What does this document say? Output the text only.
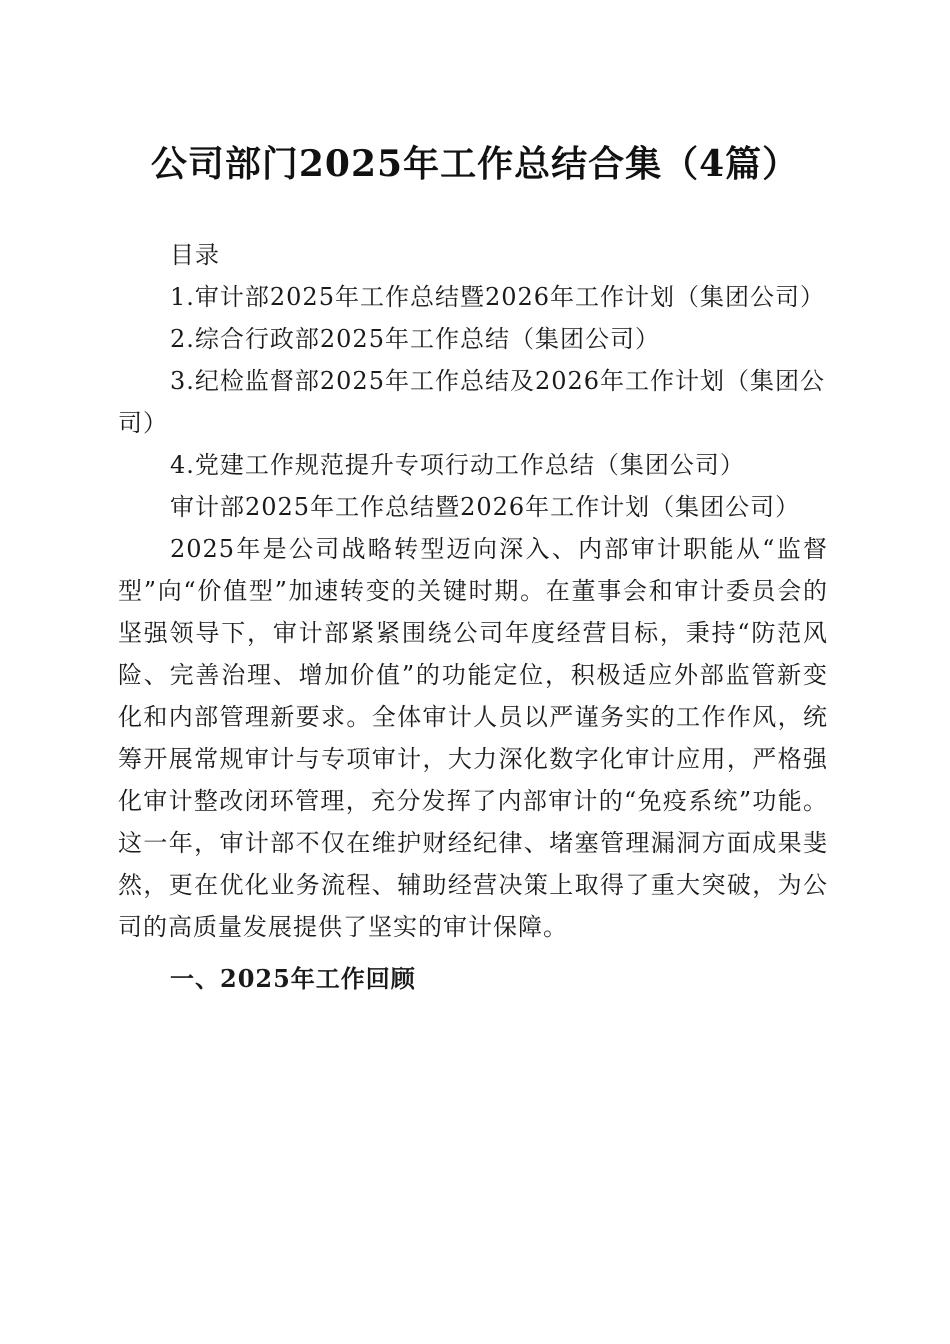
公司部门2025年工作总结合集（4篇）

目录

1.审计部2025年工作总结暨2026年工作计划（集团公司）

2.综合行政部2025年工作总结（集团公司）

3.纪检监督部2025年工作总结及2026年工作计划（集团公司）

4.党建工作规范提升专项行动工作总结（集团公司）

审计部2025年工作总结暨2026年工作计划（集团公司）

2025年是公司战略转型迈向深入、内部审计职能从“监督型”向“价值型”加速转变的关键时期。在董事会和审计委员会的坚强领导下，审计部紧紧围绕公司年度经营目标，秉持“防范风险、完善治理、增加价值”的功能定位，积极适应外部监管新变化和内部管理新要求。全体审计人员以严谨务实的工作作风，统筹开展常规审计与专项审计，大力深化数字化审计应用，严格强化审计整改闭环管理，充分发挥了内部审计的“免疫系统”功能。这一年，审计部不仅在维护财经纪律、堵塞管理漏洞方面成果斐然，更在优化业务流程、辅助经营决策上取得了重大突破，为公司的高质量发展提供了坚实的审计保障。

一、2025年工作回顾
